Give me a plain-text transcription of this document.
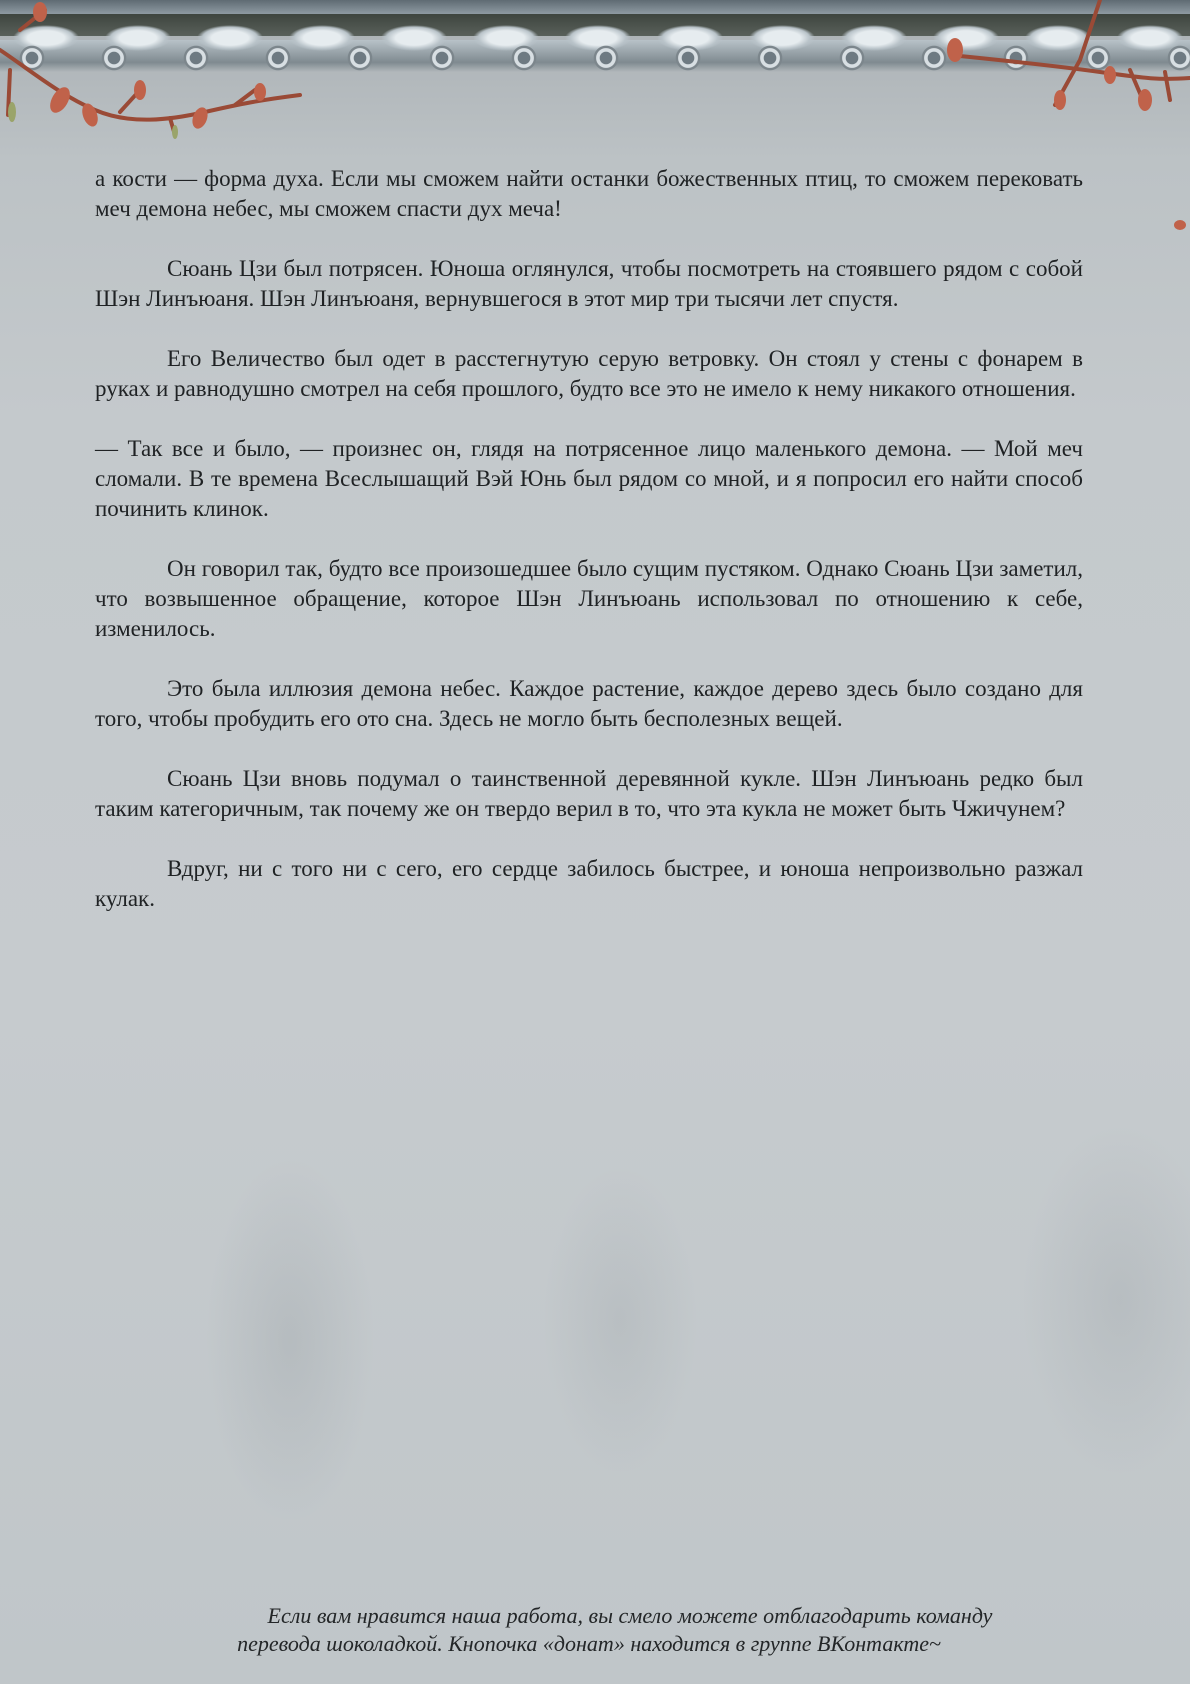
а кости — форма духа. Если мы сможем найти останки божественных птиц, то сможем перековать меч демона небес, мы сможем спасти дух меча!

Сюань Цзи был потрясен. Юноша оглянулся, чтобы посмотреть на стоявшего рядом с собой Шэн Линъюаня. Шэн Линъюаня, вернувшегося в этот мир три тысячи лет спустя.

Его Величество был одет в расстегнутую серую ветровку. Он стоял у стены с фонарем в руках и равнодушно смотрел на себя прошлого, будто все это не имело к нему никакого отношения.

— Так все и было, — произнес он, глядя на потрясенное лицо маленького демона. — Мой меч сломали. В те времена Всеслышащий Вэй Юнь был рядом со мной, и я попросил его найти способ починить клинок.

Он говорил так, будто все произошедшее было сущим пустяком. Однако Сюань Цзи заметил, что возвышенное обращение, которое Шэн Линъюань использовал по отношению к себе, изменилось.

Это была иллюзия демона небес. Каждое растение, каждое дерево здесь было создано для того, чтобы пробудить его ото сна. Здесь не могло быть бесполезных вещей.

Сюань Цзи вновь подумал о таинственной деревянной кукле. Шэн Линъюань редко был таким категоричным, так почему же он твердо верил в то, что эта кукла не может быть Чжичунем?

Вдруг, ни с того ни с сего, его сердце забилось быстрее, и юноша непроизвольно разжал кулак.

Если вам нравится наша работа, вы смело можете отблагодарить команду
перевода шоколадкой. Кнопочка «донат» находится в группе ВКонтакте~
